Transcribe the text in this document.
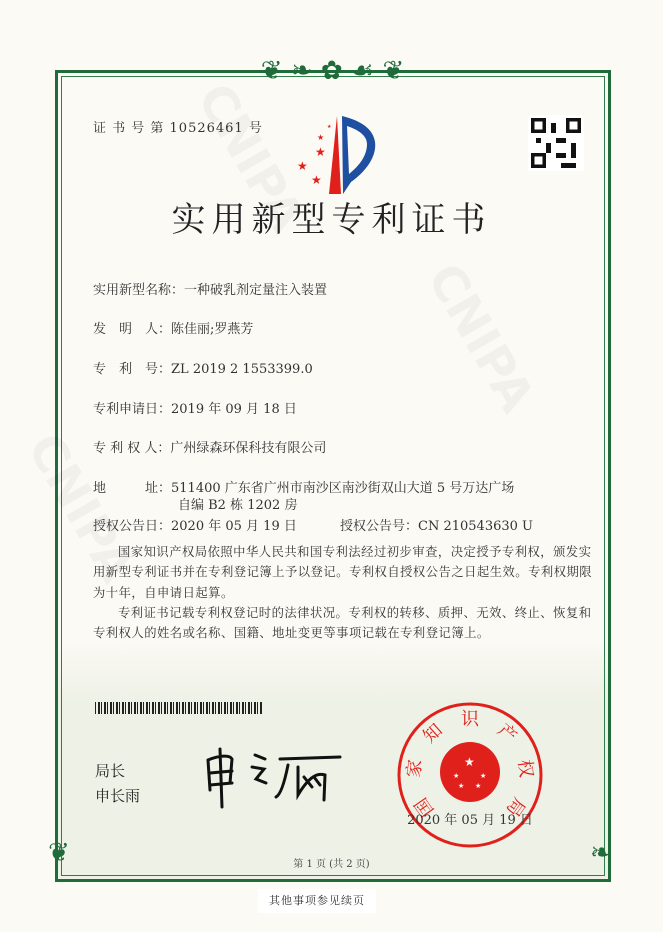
❦ ❧ ✿ ☙ ❦
❦	❧
证 书 号 第 10526461 号
★
★
★
★
★
实用新型专利证书
实用新型名称：一种破乳剂定量注入装置
发　明　人：陈佳丽;罗燕芳
专　利　号：ZL 2019 2 1553399.0
专利申请日：2019 年 09 月 18 日
专 利 权 人：广州绿森环保科技有限公司
地　　　址：511400 广东省广州市南沙区南沙街双山大道 5 号万达广场
自编 B2 栋 1202 房
授权公告日：2020 年 05 月 19 日	授权公告号：CN 210543630 U
国家知识产权局依照中华人民共和国专利法经过初步审查，决定授予专利权，颁发实用新型专利证书并在专利登记簿上予以登记。专利权自授权公告之日起生效。专利权期限为十年，自申请日起算。
专利证书记载专利权登记时的法律状况。专利权的转移、质押、无效、终止、恢复和专利权人的姓名或名称、国籍、地址变更等事项记载在专利登记簿上。
局长
申长雨
★
★	★
★ ★
国
家
知
识
产
权
局
2020 年 05 月 19 日
第 1 页 (共 2 页)
其他事项参见续页
